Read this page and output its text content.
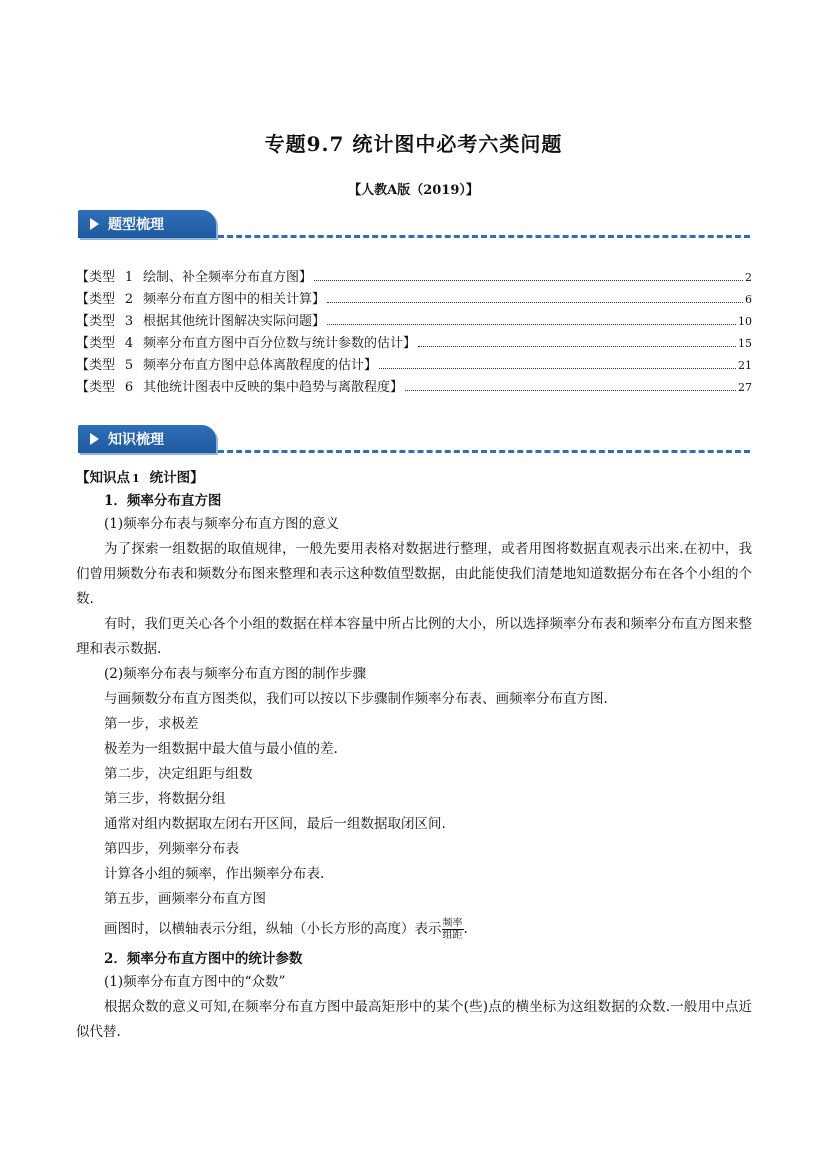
专题9.7 统计图中必考六类问题
【人教A版（2019）】
题型梳理
【类型 1 绘制、补全频率分布直方图】	2
【类型 2 频率分布直方图中的相关计算】	6
【类型 3 根据其他统计图解决实际问题】	10
【类型 4 频率分布直方图中百分位数与统计参数的估计】	15
【类型 5 频率分布直方图中总体离散程度的估计】	21
【类型 6 其他统计图表中反映的集中趋势与离散程度】	27
知识梳理
【知识点 1 统计图】
1．频率分布直方图
(1)频率分布表与频率分布直方图的意义
为了探索一组数据的取值规律，一般先要用表格对数据进行整理，或者用图将数据直观表示出来.在初中，我们曾用频数分布表和频数分布图来整理和表示这种数值型数据，由此能使我们清楚地知道数据分布在各个小组的个数.
有时，我们更关心各个小组的数据在样本容量中所占比例的大小，所以选择频率分布表和频率分布直方图来整理和表示数据.
(2)频率分布表与频率分布直方图的制作步骤
与画频数分布直方图类似，我们可以按以下步骤制作频率分布表、画频率分布直方图.
第一步，求极差
极差为一组数据中最大值与最小值的差.
第二步，决定组距与组数
第三步，将数据分组
通常对组内数据取左闭右开区间，最后一组数据取闭区间.
第四步，列频率分布表
计算各小组的频率，作出频率分布表.
第五步，画频率分布直方图
画图时，以横轴表示分组，纵轴（小长方形的高度）表示 $\frac{\text{频率}}{\text{组距}}$ .
2．频率分布直方图中的统计参数
(1)频率分布直方图中的“众数”
根据众数的意义可知,在频率分布直方图中最高矩形中的某个(些)点的横坐标为这组数据的众数.一般用中点近似代替.
